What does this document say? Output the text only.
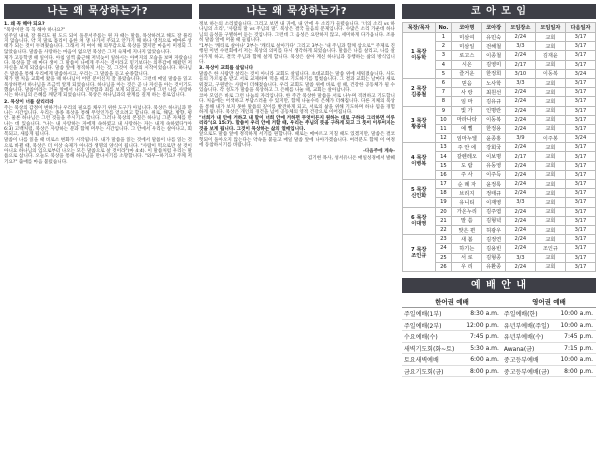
나는 왜 묵상하는가?

1. 왜 꼭 해야 되요?

"묵상이란 꼭 꼭 해야 하나요?"

일주일 내내, 잘 풀리도 될 도드 되이 돌분서주롭는 원 자 때는 말씀, 목상하려고 해도 잘 풀리지 않습니다. 약 지 말로 틀리이 읍한 쳐 생 나가서 주되고 안가기 해 하나 영적으로 메마른 상태가 되는 것이 두려웠습니다. 그래서 저 여이 해 의무감으로 묵상을 했지만 마음이 미정되 그 않았습니다. 말씀을 사랑하는 마음이 없으면 묵상은 그저 숙제에 지나지 않았습니다.

제가 고등학생 때 일이다. 아침 일찍 출근해 저녁늦이 일하시는 아버지의 모습을 보며 자랐습니다. 묵상을 할 때 마다 생이 그 말씀이 나에게 주시는 것이라고 믿기보다는 의무감에 해왔던 저 자신을 보게 되었습니다. 말씀 앞에 정직하게 서는 것, 그것이 묵상의 시작이었습니다. 하나님은 말씀을 통해 우리에게 말씀하시고, 우리는 그 말씀을 듣고 순종합니다.

제가 맨 처음 교회에 왔을 때 하나님이 어떤 분이신지 잘 몰랐습니다. 그런데 매일 말씀을 읽고 묵상하면서 하나님을 조금씩 알게 되었습니다. 하나님을 아는 것은 곧 나 자신을 아는 것이기도 했습니다. 말씀이라는 거울 앞에서 나의 연약함과 죄를 보게 되었고, 동시에 그런 나를 사랑하시는 하나님의 은혜를 깨닫게 되었습니다. 묵상은 하나님과의 관계를 깊게 하는 통로입니다.

2. 묵상이 너를 살리리라

주는 묵상의 감정이 변하거나 우리의 필요를 채우기 위한 도구가 아닙니다. 묵상은 하나님과 만나는 시간입니다. 우리는 종종 묵상을 통해 무엇인가를 얻으려고 합니다. 위로, 해답, 방향, 평안. 물론 하나님은 그런 것들을 주시기도 합니다. 그러나 묵상의 본질은 하나님 그분 자체를 만나는 데 있습니다. "나는 내 사랑하는 자에게 속하였고 내 사랑하는 자는 내게 속하였다"(아 6:3) 고백처럼, 묵상은 사랑하는 분과 함께 머무는 시간입니다. 그 안에서 우리는 살아나고, 회복되고, 새롭게 됩니다.

말씀이 나를 읽을 때 비로소 변화가 시작됩니다. 내가 말씀을 읽는 것에서 말씀이 나를 읽는 것으로 바뀔 때, 묵상은 더 이상 숙제가 아니라 생명의 양식이 됩니다. "사람이 떡으로만 살 것이 아니요 하나님의 입으로부터 나오는 모든 말씀으로 살 것이라"(마 4:4). 이 말씀처럼 우리는 말씀으로 삽니다. 오늘도 묵상을 통해 하나님을 만나시기를 소망합니다. "와우~하기요? 주께 저 기요?" 출애를 마음 불렀습니다.

나는 왜 묵상하는가?

정보 하는의 소리였습니다. 그리고 보면 내 귀에, 내 안에 우 소리가 들렸습니다. '너의 소리 vs 하나님의 소리', '사람의 말 vs 주님의 말'. 묵상은 결국 들음의 문제입니다. 수많은 소리 가운데 하나님의 음성을 구별하여 듣는 것입니다. 그런데 그 음성은 요란하지 않고, 세미하게 다가옵니다. 조용히 말씀 앞에 머물 때 들립니다.

"1부는 '캐티로 살아나' 2부는 '캐티로 살아가다' 그리고 3부는 '내 주님과 함께 삼으로'" 주제로 진행된 이번 수련회에서 저는 묵상의 의미를 다시 생각하게 되었습니다. 말씀은 나를 살리고, 나를 살아가게 하고, 결국 주님과 함께 살게 합니다. 묵상은 살아 계신 하나님과 동행하는 삶의 방식입니다.

3. 묵상이 교회를 살립니다

말씀은 한 사람만 살리는 것이 아니라 교회도 살립니다. 초대교회는 말씀 위에 세워졌습니다. 사도들의 가르침을 받고 서로 교제하며 떡을 떼고 기도하기를 힘썼습니다. 그 결과 교회는 날마다 새로워졌고, 구원받는 사람이 더해졌습니다. 우리 교회도 말씀 위에 바로 설 때, 건강한 공동체가 될 수 있습니다. 각 성도가 말씀을 묵상하고 그 은혜를 나눌 때, 교회는 살아납니다.

코아 모임은 바로 그런 나눔의 자리입니다. 한 주간 묵상한 말씀을 서로 나누며 격려하고 기도합니다. 처음에는 어색하고 부담스러울 수 있지만, 함께 나눌수록 은혜가 더해집니다. 다른 지체의 묵상을 통해 내가 보지 못한 말씀의 깊이를 발견하게 되고, 서로의 삶을 위해 기도하며 하나 됨을 경험하게 됩니다. 묵상은 개인의 경건을 넘어 공동체의 영적 건강으로 이어집니다.

"너희가 내 안에 거하고 내 말이 너희 안에 거하면 무엇이든지 원하는 대로 구하라 그리하면 이루리라"(요 15:7). 말씀이 우리 안에 거할 때, 우리는 주님의 뜻을 구하게 되고 그 뜻이 이루어지는 것을 보게 됩니다. 그것이 묵상하는 삶의 열매입니다.

앞으로도 말씀 앞에 정직하게 서기를 원합니다. 때로는 메마르고 지칠 때도 있겠지만, 말씀은 결코 헛되이 돌아오지 않는다는 약속을 붙들고 매일 말씀 앞에 나아가겠습니다. 여러분도 함께 이 여정에 동참하시기를 바랍니다.

-다음주에 계속-

김기현 목사, 성서유니온 매일성경에서 발췌
코 아 모 임
목장/목자	No.	코아명	코아장	모임장소	모임일자	다음일자
1 목장
이동학	1	미삼여	유민숙	2/24	교회	3/17
	2	미삼일	전해철	3/3	교회	3/17
	3	로고스	이종철	2/24	김재윤	3/17
	4	시온	김영미	2/17	교회	3/17
	5	즐거운	한정희	3/10	이동복	3/24
2 목장
김종철	6	믿음	노사학	3/3	교회	3/17
	7	사 랑	최원선	2/24	교회	3/17
	8	임 마	김유규	2/24	교회	3/17
3 목장
황종대	9	빛 가	인명란	2/24	교회	3/17
	10	마라나타	이동복	2/24	교회	3/17
	11	예 뻘	한정용	2/24	교회	3/17
	12	임마누엘	윤종홍	3/9	이주봉	3/24
4 목장
이병복	13	주 안 에	강회국	2/24	교회	3/17
	14	갈렌레오	이보명	2/17	교회	3/17
	15	도 람	유동영	2/24	교회	3/17
	16	주 사	이주득	2/24	교회	3/17
5 목장
신인화	17	순 례 자	윤정록	2/24	교회	3/17
	18	브리지	정태규	2/24	교회	3/17
	19	유니티	이재영	3/3	교회	3/17
6 목장
이대영	20	가온누리	김주엽	2/24	교회	3/17
	21	말 씀	김형녁	2/24	교회	3/17
	22	맞은 편	허광우	2/24	교회	3/17
7 목장
조인규	23	새 봄	김정연	2/24	교회	3/17
	24	하기는	김용빈	2/24	조인규	3/17
	25	서 로	김형종	3/3	교회	3/17
	26	우 리	유환종	2/24	교회	3/17
예 배 안 내
한어권 예배		영어권 예배	
주일예배(1부)	8:30 a.m.	주일예배(한)	10:00 a.m.
주일예배(2부)	12:00 p.m.	유년부예배(주일)	10:00 a.m.
수요예배(수)	7:45 p.m.	유년부예배(수)	7:45 p.m.
새벽기도회(화~토)	5:30 a.m.	Awana(금)	7:15 p.m.
토요새벽예배	6:00 a.m.	중고등부예배	10:00 a.m.
금요기도회(금)	8:00 p.m.	중고등부예배(금)	8:00 p.m.
